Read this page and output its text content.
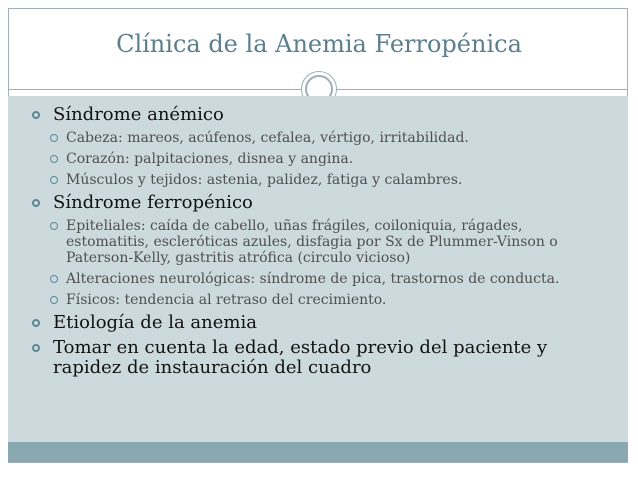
Clínica de la Anemia Ferropénica
Síndrome anémico
Cabeza: mareos, acúfenos, cefalea, vértigo, irritabilidad.
Corazón: palpitaciones, disnea y angina.
Músculos y tejidos: astenia, palidez, fatiga y calambres.
Síndrome ferropénico
Epiteliales: caída de cabello, uñas frágiles, coiloniquia, rágades,
estomatitis, escleróticas azules, disfagia por Sx de Plummer-Vinson o
Paterson-Kelly, gastritis atrófica (circulo vicioso)
Alteraciones neurológicas: síndrome de pica, trastornos de conducta.
Físicos: tendencia al retraso del crecimiento.
Etiología de la anemia
Tomar en cuenta la edad, estado previo del paciente y
rapidez de instauración del cuadro
